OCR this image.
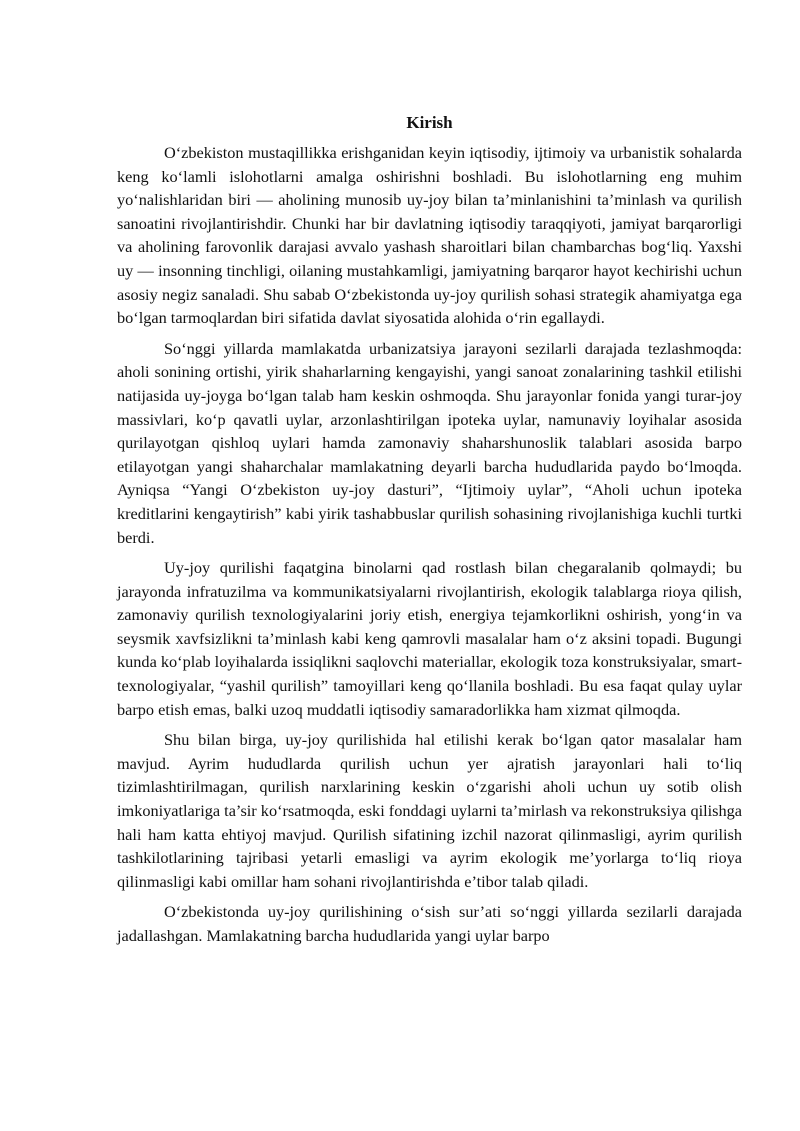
Kirish

O‘zbekiston mustaqillikka erishganidan keyin iqtisodiy, ijtimoiy va urbanistik sohalarda keng ko‘lamli islohotlarni amalga oshirishni boshladi. Bu islohotlarning eng muhim yo‘nalishlaridan biri — aholining munosib uy-joy bilan ta’minlanishini ta’minlash va qurilish sanoatini rivojlantirishdir. Chunki har bir davlatning iqtisodiy taraqqiyoti, jamiyat barqarorligi va aholining farovonlik darajasi avvalo yashash sharoitlari bilan chambarchas bog‘liq. Yaxshi uy — insonning tinchligi, oilaning mustahkamligi, jamiyatning barqaror hayot kechirishi uchun asosiy negiz sanaladi. Shu sabab O‘zbekistonda uy-joy qurilish sohasi strategik ahamiyatga ega bo‘lgan tarmoqlardan biri sifatida davlat siyosatida alohida o‘rin egallaydi.

So‘nggi yillarda mamlakatda urbanizatsiya jarayoni sezilarli darajada tezlashmoqda: aholi sonining ortishi, yirik shaharlarning kengayishi, yangi sanoat zonalarining tashkil etilishi natijasida uy-joyga bo‘lgan talab ham keskin oshmoqda. Shu jarayonlar fonida yangi turar-joy massivlari, ko‘p qavatli uylar, arzonlashtirilgan ipoteka uylar, namunaviy loyihalar asosida qurilayotgan qishloq uylari hamda zamonaviy shaharshunoslik talablari asosida barpo etilayotgan yangi shaharchalar mamlakatning deyarli barcha hududlarida paydo bo‘lmoqda. Ayniqsa “Yangi O‘zbekiston uy-joy dasturi”, “Ijtimoiy uylar”, “Aholi uchun ipoteka kreditlarini kengaytirish” kabi yirik tashabbuslar qurilish sohasining rivojlanishiga kuchli turtki berdi.

Uy-joy qurilishi faqatgina binolarni qad rostlash bilan chegaralanib qolmaydi; bu jarayonda infratuzilma va kommunikatsiyalarni rivojlantirish, ekologik talablarga rioya qilish, zamonaviy qurilish texnologiyalarini joriy etish, energiya tejamkorlikni oshirish, yong‘in va seysmik xavfsizlikni ta’minlash kabi keng qamrovli masalalar ham o‘z aksini topadi. Bugungi kunda ko‘plab loyihalarda issiqlikni saqlovchi materiallar, ekologik toza konstruksiyalar, smart-texnologiyalar, “yashil qurilish” tamoyillari keng qo‘llanila boshladi. Bu esa faqat qulay uylar barpo etish emas, balki uzoq muddatli iqtisodiy samaradorlikka ham xizmat qilmoqda.

Shu bilan birga, uy-joy qurilishida hal etilishi kerak bo‘lgan qator masalalar ham mavjud. Ayrim hududlarda qurilish uchun yer ajratish jarayonlari hali to‘liq tizimlashtirilmagan, qurilish narxlarining keskin o‘zgarishi aholi uchun uy sotib olish imkoniyatlariga ta’sir ko‘rsatmoqda, eski fonddagi uylarni ta’mirlash va rekonstruksiya qilishga hali ham katta ehtiyoj mavjud. Qurilish sifatining izchil nazorat qilinmasligi, ayrim qurilish tashkilotlarining tajribasi yetarli emasligi va ayrim ekologik me’yorlarga to‘liq rioya qilinmasligi kabi omillar ham sohani rivojlantirishda e’tibor talab qiladi.

O‘zbekistonda uy-joy qurilishining o‘sish sur’ati so‘nggi yillarda sezilarli darajada jadallashgan. Mamlakatning barcha hududlarida yangi uylar barpo
